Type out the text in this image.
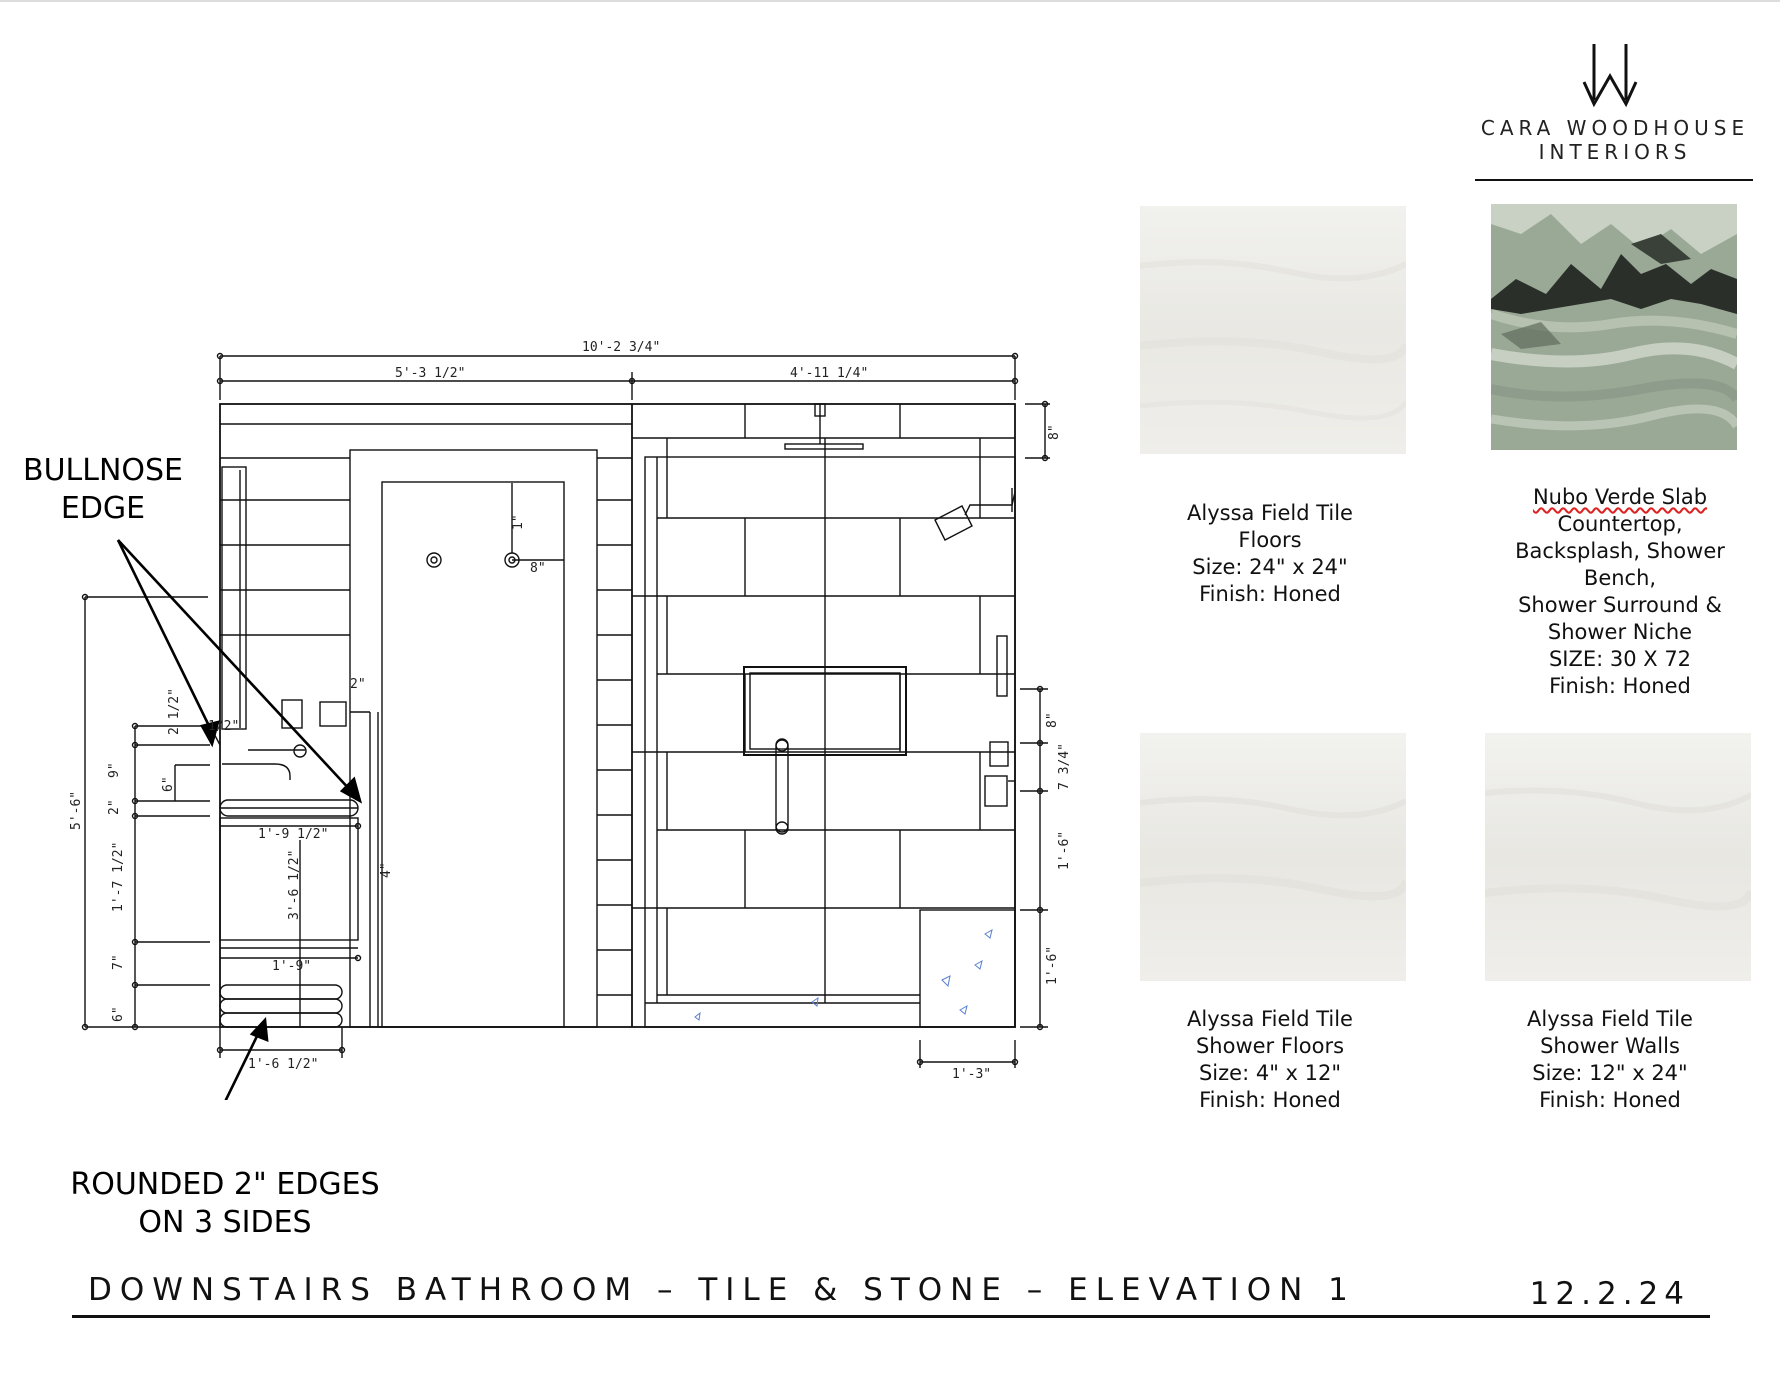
CARA WOODHOUSE
INTERIORS
10'-2 3/4"
5'-3 1/2"	4'-11 1/4"
8"
5'-6"
2 1/2" 1/2"
9"
6"
2"
1'-9 1/2"
1'-7 1/2"	3'-6 1/2"	4"
7"	1'-9"
6"
1'-6 1/2"
1"
8"
2"
8"
7 3/4"
1'-6"
1'-6"
1'-3"
BULLNOSE
EDGE
ROUNDED 2" EDGES
ON 3 SIDES
Alyssa Field Tile
Floors
Size: 24" x 24"
Finish: Honed
Nubo Verde Slab
Countertop,
Backsplash, Shower
Bench,
Shower Surround &
Shower Niche
SIZE: 30 X 72
Finish: Honed
Alyssa Field Tile
Shower Floors
Size: 4" x 12"
Finish: Honed
Alyssa Field Tile
Shower Walls
Size: 12" x 24"
Finish: Honed
DOWNSTAIRS BATHROOM – TILE & STONE – ELEVATION 1	12.2.24
